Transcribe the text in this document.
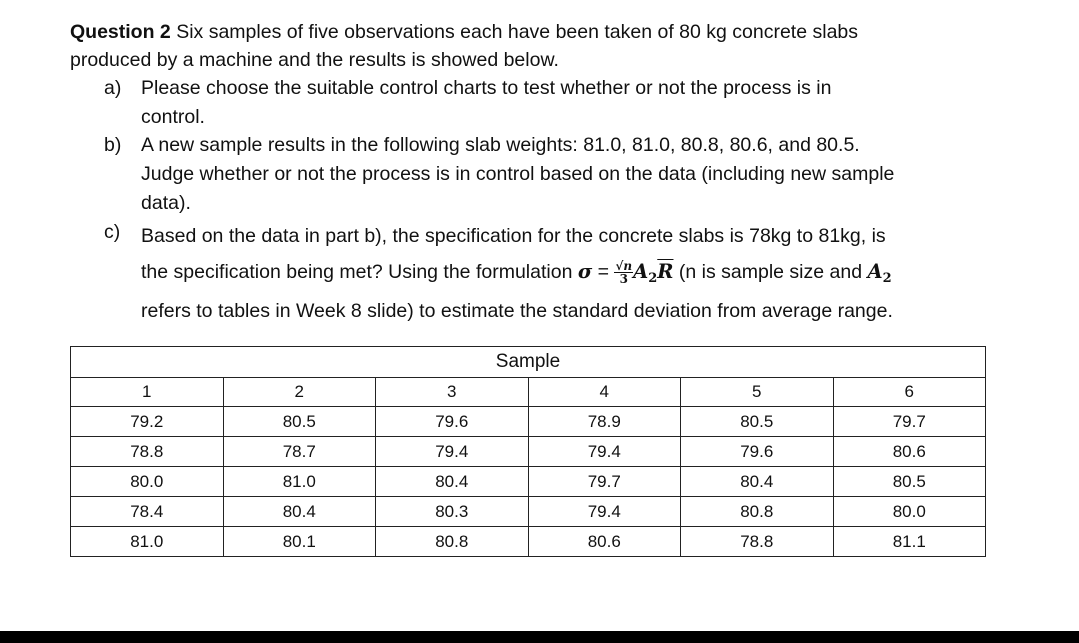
Question 2 Six samples of five observations each have been taken of 80 kg concrete slabs
produced by a machine and the results is showed below.
a) Please choose the suitable control charts to test whether or not the process is in
control.
b) A new sample results in the following slab weights: 81.0, 81.0, 80.8, 80.6, and 80.5.
Judge whether or not the process is in control based on the data (including new sample
data).
c) Based on the data in part b), the specification for the concrete slabs is 78kg to 81kg, is
the specification being met? Using the formulation $\sigma = \frac{√n}{3} A_2\overline{R}$ (n is sample size and $A_2$
refers to tables in Week 8 slide) to estimate the standard deviation from average range.
Sample					
1	2	3	4	5	6
79.2	80.5	79.6	78.9	80.5	79.7
78.8	78.7	79.4	79.4	79.6	80.6
80.0	81.0	80.4	79.7	80.4	80.5
78.4	80.4	80.3	79.4	80.8	80.0
81.0	80.1	80.8	80.6	78.8	81.1
